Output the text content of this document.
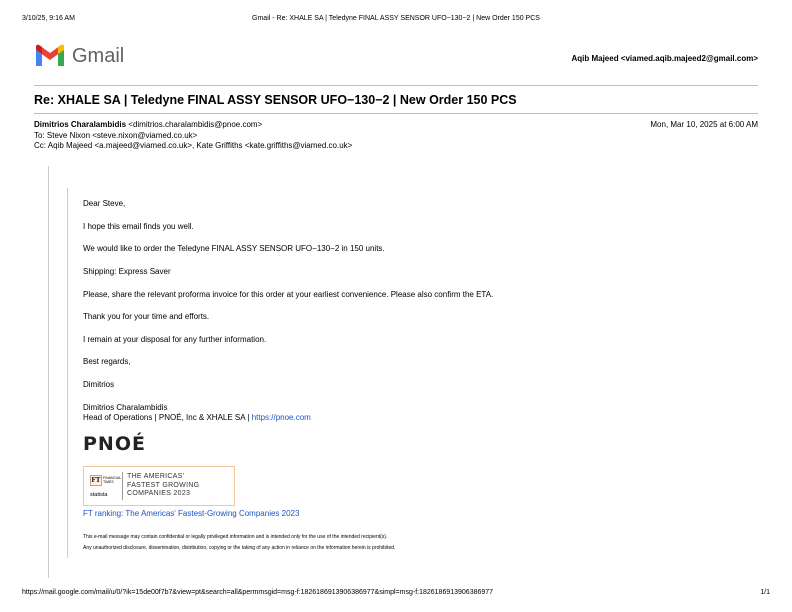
3/10/25, 9:16 AM	Gmail - Re: XHALE SA | Teledyne FINAL ASSY SENSOR UFO−130−2 | New Order 150 PCS
Gmail	Aqib Majeed <viamed.aqib.majeed2@gmail.com>
Re: XHALE SA | Teledyne FINAL ASSY SENSOR UFO−130−2 | New Order 150 PCS
Dimitrios Charalambidis <dimitrios.charalambidis@pnoe.com>	Mon, Mar 10, 2025 at 6:00 AM
To: Steve Nixon <steve.nixon@viamed.co.uk>
Cc: Aqib Majeed <a.majeed@viamed.co.uk>, Kate Griffiths <kate.griffiths@viamed.co.uk>

Dear Steve,

I hope this email finds you well.

We would like to order the Teledyne FINAL ASSY SENSOR UFO−130−2 in 150 units.

Shipping: Express Saver

Please, share the relevant proforma invoice for this order at your earliest convenience. Please also confirm the ETA.

Thank you for your time and efforts.

I remain at your disposal for any further information.

Best regards,

Dimitrios

Dimitrios Charalambidis

Head of Operations | PNOÉ, Inc & XHALE SA | https://pnoe.com

PNOÉ
FT FINANCIAL TIMES
statista
THE AMERICAS'
FASTEST GROWING
COMPANIES 2023
FT ranking: The Americas' Fastest-Growing Companies 2023
This e-mail message may contain confidential or legally privileged information and is intended only for the use of the intended recipient(s).
Any unauthorized disclosure, dissemination, distribution, copying or the taking of any action in reliance on the information herein is prohibited.
https://mail.google.com/mail/u/0/?ik=15de00f7b7&view=pt&search=all&permmsgid=msg-f:1826186913906386977&simpl=msg-f:1826186913906386977	1/1
